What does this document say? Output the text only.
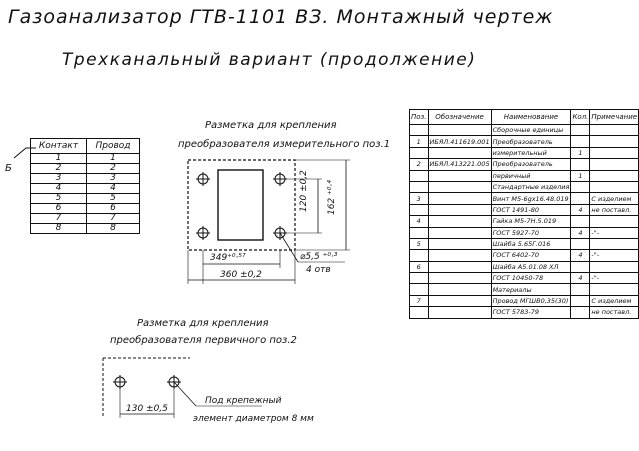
Газоанализатор ГТВ-1101 ВЗ. Монтажный чертеж
Трехканальный вариант (продолжение)
Б
Контакт	Провод
1	1
2	2
3	3
4	4
5	5
6	6
7	7
8	8
Разметка для крепления
преобразователя измерительного поз.1
349⁺⁰·⁵⁷
360 ±0,2
120 ±0,2 162 ⁺⁰·⁴
⌀5,5 ⁺⁰·³
4 отв
Разметка для крепления
преобразователя первичного поз.2
130 ±0,5
Под крепежный
элемент диаметром 8 мм
Поз.	Обозначение	Наименование	Кол.	Примечание
		Сборочные единицы		
1	ИБЯЛ.411619.001	Преобразователь		
		измерительный	1	
2	ИБЯЛ.413221.005	Преобразователь		
		первичный	1	
		Стандартные изделия		
3		Винт М5-6gх16.48.019		С изделием
		ГОСТ 1491-80	4	не поставл.
4		Гайка М5-7Н.5.019		
		ГОСТ 5927-70	4	-"-
5		Шайба 5.65Г.016		
		ГОСТ 6402-70	4	-"-
6		Шайба А5.01.08 ХЛ		
		ГОСТ 10450-78	4	-"-
		Материалы		
7		Провод МГШВ0,35(30)		С изделием
		ГОСТ 5783-79		не поставл.
